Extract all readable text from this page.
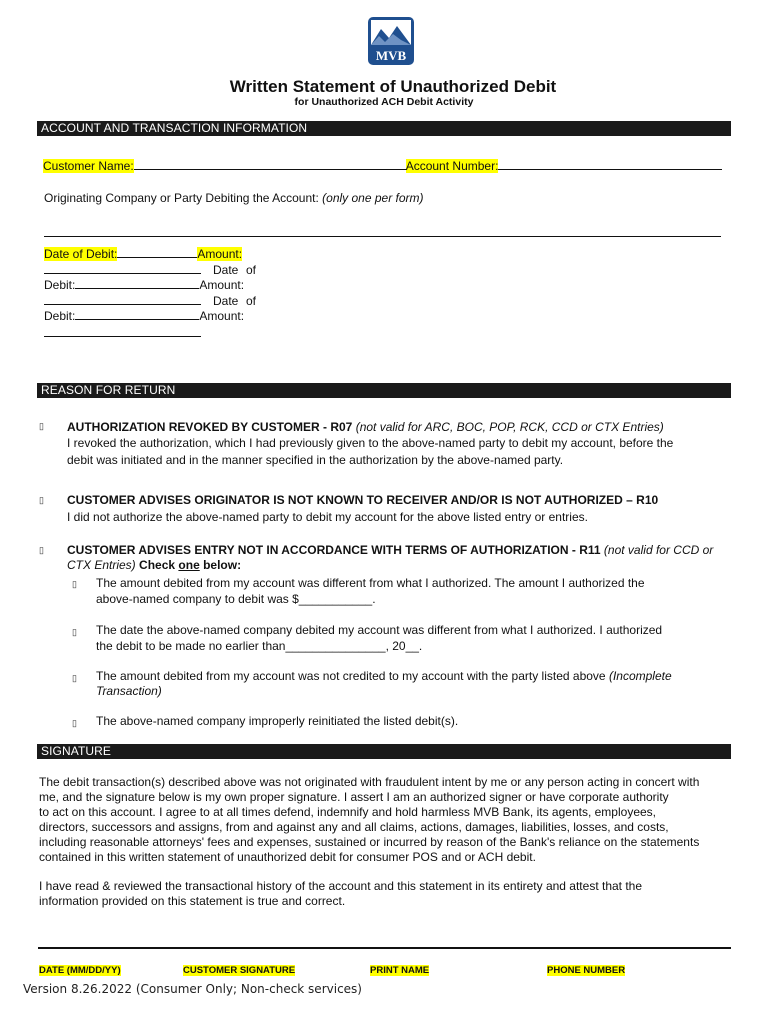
MVB
Written Statement of Unauthorized Debit
for Unauthorized ACH Debit Activity
ACCOUNT AND TRANSACTION INFORMATION
Customer Name:	Account Number:
Originating Company or Party Debiting the Account: (only one per form)
Date of Debit:	Amount:
Date of
Debit:	Amount:
Date of
Debit:	Amount:
REASON FOR RETURN
▯	AUTHORIZATION REVOKED BY CUSTOMER - R07 (not valid for ARC, BOC, POP, RCK, CCD or CTX Entries)
I revoked the authorization, which I had previously given to the above-named party to debit my account, before the
debit was initiated and in the manner specified in the authorization by the above-named party.
▯	CUSTOMER ADVISES ORIGINATOR IS NOT KNOWN TO RECEIVER AND/OR IS NOT AUTHORIZED – R10
I did not authorize the above-named party to debit my account for the above listed entry or entries.
▯	CUSTOMER ADVISES ENTRY NOT IN ACCORDANCE WITH TERMS OF AUTHORIZATION - R11 (not valid for CCD or
CTX Entries) Check one below:
▯	The amount debited from my account was different from what I authorized. The amount I authorized the
above-named company to debit was $___________.
▯	The date the above-named company debited my account was different from what I authorized. I authorized
the debit to be made no earlier than_______________, 20__.
▯	The amount debited from my account was not credited to my account with the party listed above (Incomplete
Transaction)
▯	The above-named company improperly reinitiated the listed debit(s).
SIGNATURE
The debit transaction(s) described above was not originated with fraudulent intent by me or any person acting in concert with
me, and the signature below is my own proper signature. I assert I am an authorized signer or have corporate authority
to act on this account. I agree to at all times defend, indemnify and hold harmless MVB Bank, its agents, employees,
directors, successors and assigns, from and against any and all claims, actions, damages, liabilities, losses, and costs,
including reasonable attorneys' fees and expenses, sustained or incurred by reason of the Bank's reliance on the statements
contained in this written statement of unauthorized debit for consumer POS and or ACH debit.
I have read & reviewed the transactional history of the account and this statement in its entirety and attest that the
information provided on this statement is true and correct.
DATE (MM/DD/YY)	CUSTOMER SIGNATURE	PRINT NAME	PHONE NUMBER
Version 8.26.2022 (Consumer Only; Non-check services)
